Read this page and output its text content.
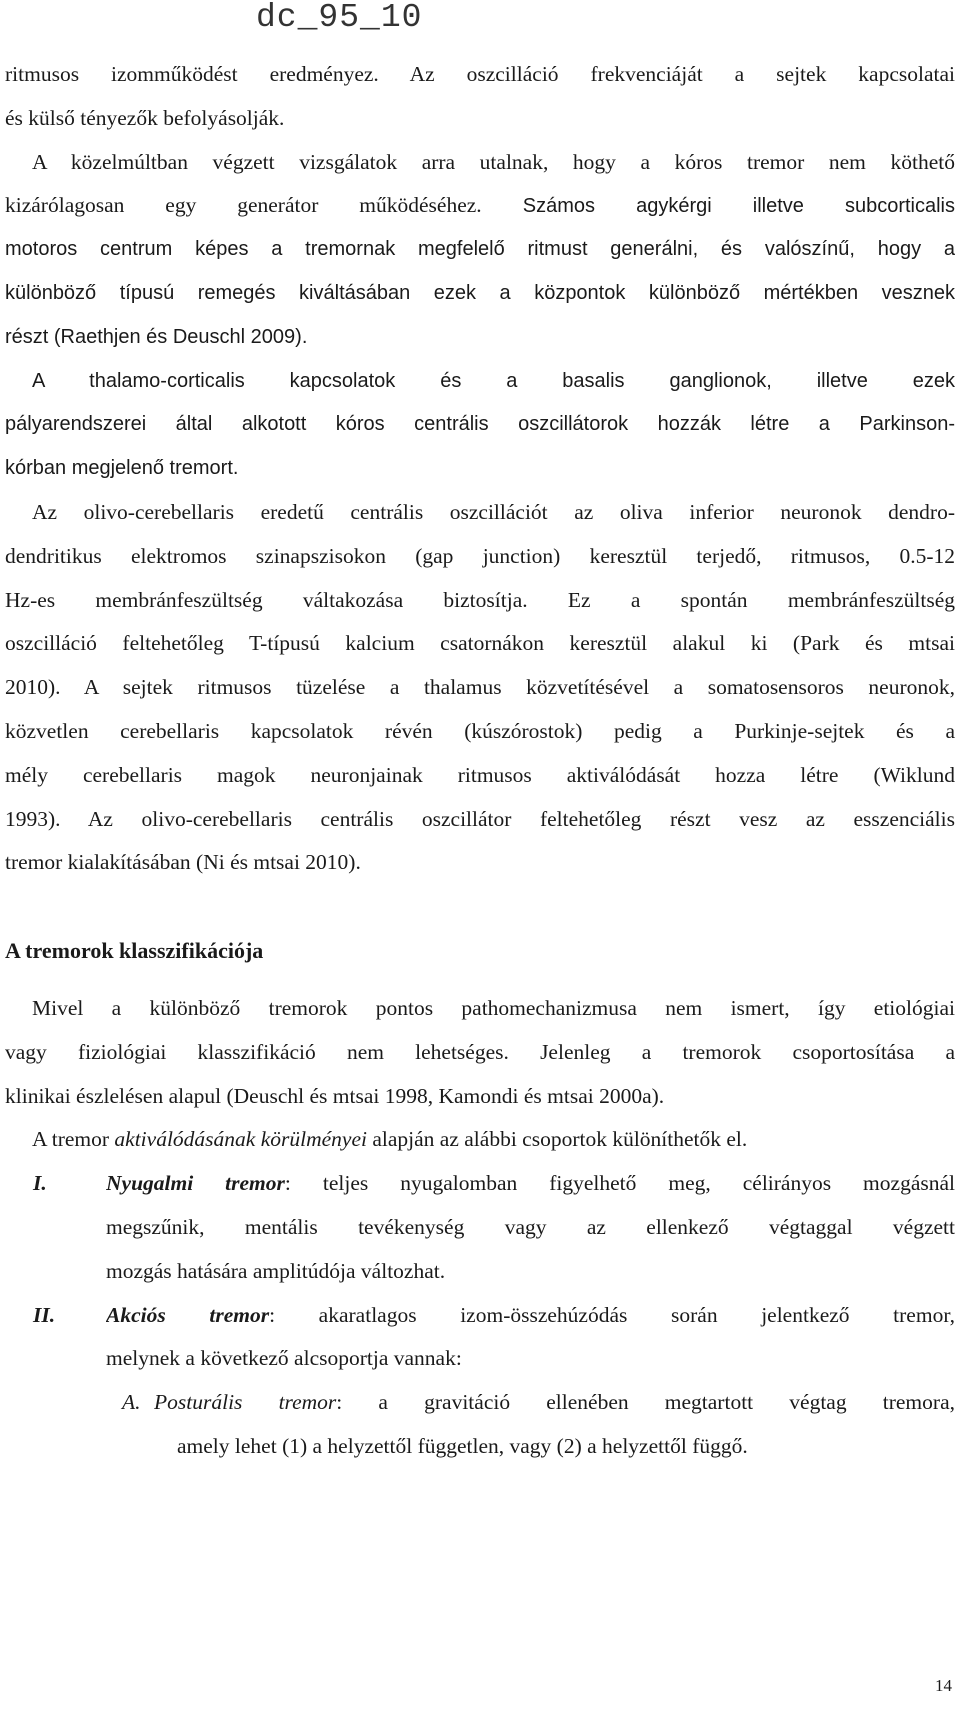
dc_95_10
ritmusos izomműködést eredményez. Az oszcilláció frekvenciáját a sejtek kapcsolatai
és külső tényezők befolyásolják.
A közelmúltban végzett vizsgálatok arra utalnak, hogy a kóros tremor nem köthető
kizárólagosan egy generátor működéséhez. Számos agykérgi illetve subcorticalis
motoros centrum képes a tremornak megfelelő ritmust generálni, és valószínű, hogy a
különböző típusú remegés kiváltásában ezek a központok különböző mértékben vesznek
részt (Raethjen és Deuschl 2009).
A thalamo-corticalis kapcsolatok és a basalis ganglionok, illetve ezek
pályarendszerei által alkotott kóros centrális oszcillátorok hozzák létre a Parkinson-
kórban megjelenő tremort.
Az olivo-cerebellaris eredetű centrális oszcillációt az oliva inferior neuronok dendro-
dendritikus elektromos szinapszisokon (gap junction) keresztül terjedő, ritmusos, 0.5-12
Hz-es membránfeszültség váltakozása biztosítja. Ez a spontán membránfeszültség
oszcilláció feltehetőleg T-típusú kalcium csatornákon keresztül alakul ki (Park és mtsai
2010). A sejtek ritmusos tüzelése a thalamus közvetítésével a somatosensoros neuronok,
közvetlen cerebellaris kapcsolatok révén (kúszórostok) pedig a Purkinje-sejtek és a
mély cerebellaris magok neuronjainak ritmusos aktiválódását hozza létre (Wiklund
1993). Az olivo-cerebellaris centrális oszcillátor feltehetőleg részt vesz az esszenciális
tremor kialakításában (Ni és mtsai 2010).
A tremorok klasszifikációja
Mivel a különböző tremorok pontos pathomechanizmusa nem ismert, így etiológiai
vagy fiziológiai klasszifikáció nem lehetséges. Jelenleg a tremorok csoportosítása a
klinikai észlelésen alapul (Deuschl és mtsai 1998, Kamondi és mtsai 2000a).
A tremor aktiválódásának körülményei alapján az alábbi csoportok különíthetők el.
I.	Nyugalmi tremor: teljes nyugalomban figyelhető meg, célirányos mozgásnál
megszűnik, mentális tevékenység vagy az ellenkező végtaggal végzett
mozgás hatására amplitúdója változhat.
II. Akciós tremor: akaratlagos izom-összehúzódás során jelentkező tremor,
melynek a következő alcsoportja vannak:
A. Posturális tremor: a gravitáció ellenében megtartott végtag tremora,
amely lehet (1) a helyzettől független, vagy (2) a helyzettől függő.
14
